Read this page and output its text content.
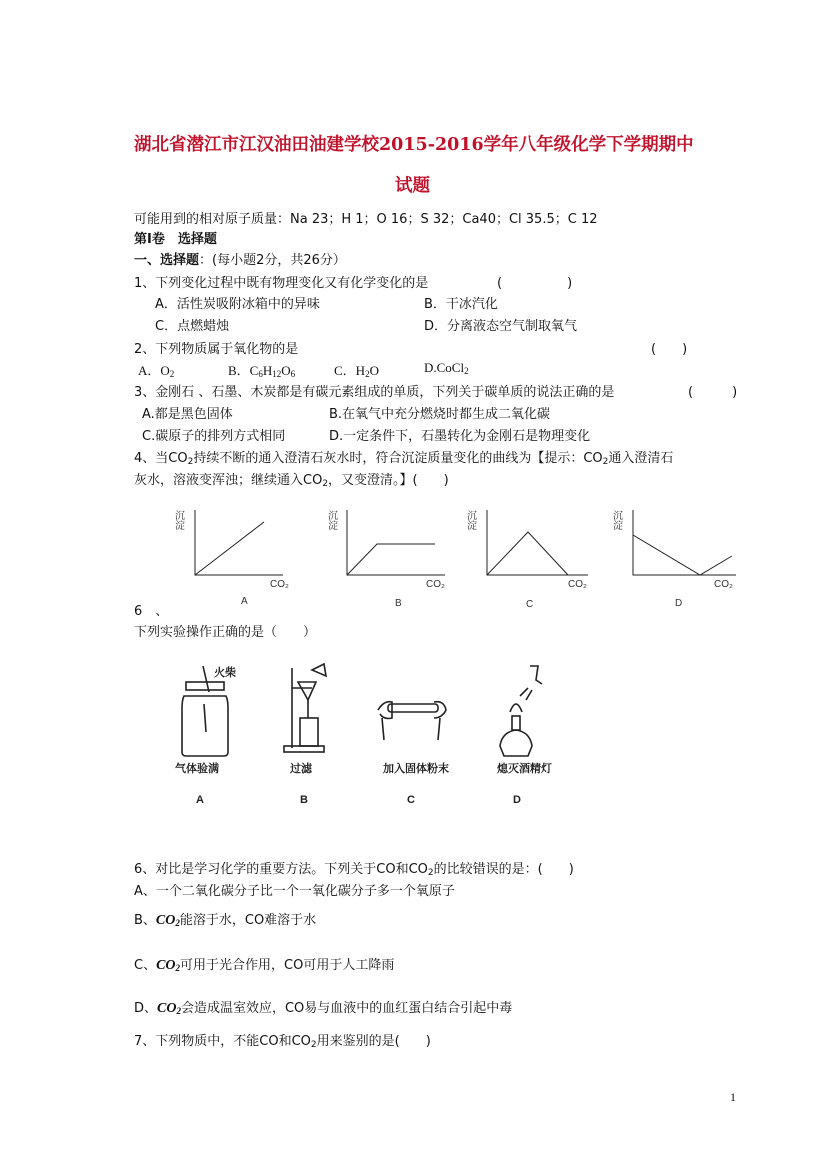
湖北省潜江市江汉油田油建学校2015-2016学年八年级化学下学期期中
试题
可能用到的相对原子质量：Na 23；H 1；O 16；S 32；Ca40；Cl 35.5；C 12
第Ⅰ卷　选择题
一、选择题：(每小题2分，共26分）
1、下列变化过程中既有物理变化又有化学变化的是	(　　　　　)
A．活性炭吸附冰箱中的异味	B．干冰汽化
C．点燃蜡烛	D．分离液态空气制取氧气
2、下列物质属于氧化物的是	(　　)
A．$O_2$	B．$C_6H_{12}O_6$	C．$H_2O$	D.CoCl$_2$
3、金刚石 、石墨、木炭都是有碳元素组成的单质，下列关于碳单质的说法正确的是	(　　　)
A.都是黑色固体	B.在氧气中充分燃烧时都生成二氧化碳
C.碳原子的排列方式相同	D.一定条件下，石墨转化为金刚石是物理变化
4、当$CO_2$持续不断的通入澄清石灰水时，符合沉淀质量变化的曲线为【提示：$CO_2$通入澄清石
灰水，溶液变浑浊；继续通入$CO_2$，又变澄清。】(　　)
沉淀
CO₂
A
沉淀
CO₂
B
沉淀
CO₂
C
沉淀
CO₂
D
6　、
下列实验操作正确的是（　　）
火柴
气体验满
A
过滤
B
加入固体粉末
C
熄灭酒精灯
D
6、对比是学习化学的重要方法。下列关于CO和$CO_2$的比较错误的是：(　　)
A、一个二氧化碳分子比一个一氧化碳分子多一个氧原子
B、$CO_2$能溶于水，CO难溶于水
C、$CO_2$可用于光合作用，CO可用于人工降雨
D、$CO_2$会造成温室效应，CO易与血液中的血红蛋白结合引起中毒
7、下列物质中，不能CO和$CO_2$用来鉴别的是(　　)
1
